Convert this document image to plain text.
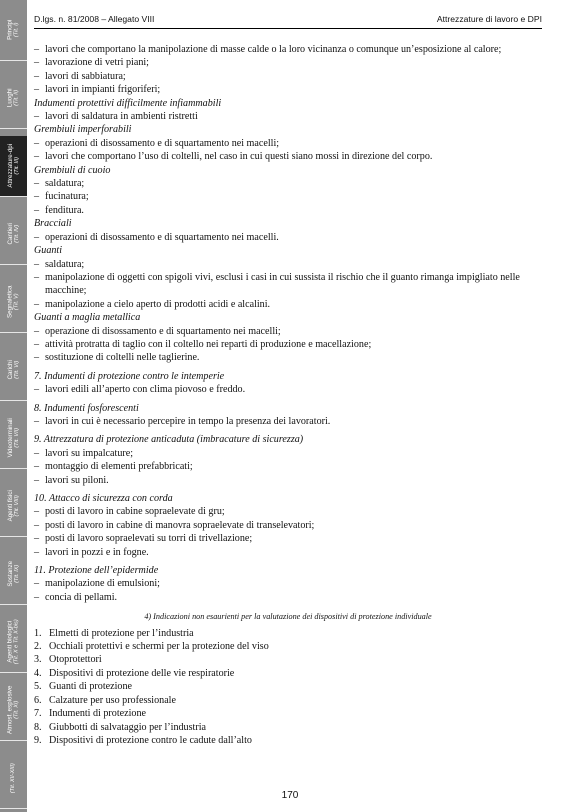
Principi (Tit. I)
Luoghi (Tit. II)
Attrezzature-dpi (Tit. III)
Cantieri (Tit. IV)
Segnaletica (Tit. V)
Carichi (Tit. VI)
Videoterminali (Tit. VII)
Agenti fisici (Tit. VIII)
Sostanze (Tit. IX)
Agenti biologici (Tit. X e Tit. X-bis)
Atmosf. esplosive (Tit. XI)
(Tit. XII-XIII)
D.lgs. n. 81/2008 – Allegato VIII	Attrezzature di lavoro e DPI
– lavori che comportano la manipolazione di masse calde o la loro vicinanza o comunque un’esposizione al calore;
– lavorazione di vetri piani;
– lavori di sabbiatura;
– lavori in impianti frigoriferi;
Indumenti protettivi difficilmente infiammabili
– lavori di saldatura in ambienti ristretti
Grembiuli imperforabili
– operazioni di disossamento e di squartamento nei macelli;
– lavori che comportano l’uso di coltelli, nel caso in cui questi siano mossi in direzione del corpo.
Grembiuli di cuoio
– saldatura;
– fucinatura;
– fenditura.
Bracciali
– operazioni di disossamento e di squartamento nei macelli.
Guanti
– saldatura;
– manipolazione di oggetti con spigoli vivi, esclusi i casi in cui sussista il rischio che il guanto rimanga impigliato nelle macchine;
– manipolazione a cielo aperto di prodotti acidi e alcalini.
Guanti a maglia metallica
– operazione di disossamento e di squartamento nei macelli;
– attività protratta di taglio con il coltello nei reparti di produzione e macellazione;
– sostituzione di coltelli nelle taglierine.
7. Indumenti di protezione contro le intemperie
– lavori edili all’aperto con clima piovoso e freddo.
8. Indumenti fosforescenti
– lavori in cui è necessario percepire in tempo la presenza dei lavoratori.
9. Attrezzatura di protezione anticaduta (imbracature di sicurezza)
– lavori su impalcature;
– montaggio di elementi prefabbricati;
– lavori su piloni.
10. Attacco di sicurezza con corda
– posti di lavoro in cabine sopraelevate di gru;
– posti di lavoro in cabine di manovra sopraelevate di transelevatori;
– posti di lavoro sopraelevati su torri di trivellazione;
– lavori in pozzi e in fogne.
11. Protezione dell’epidermide
– manipolazione di emulsioni;
– concia di pellami.
4) Indicazioni non esaurienti per la valutazione dei dispositivi di protezione individuale
1. Elmetti di protezione per l’industria
2. Occhiali protettivi e schermi per la protezione del viso
3. Otoprotettori
4. Dispositivi di protezione delle vie respiratorie
5. Guanti di protezione
6. Calzature per uso professionale
7. Indumenti di protezione
8. Giubbotti di salvataggio per l’industria
9. Dispositivi di protezione contro le cadute dall’alto
170
